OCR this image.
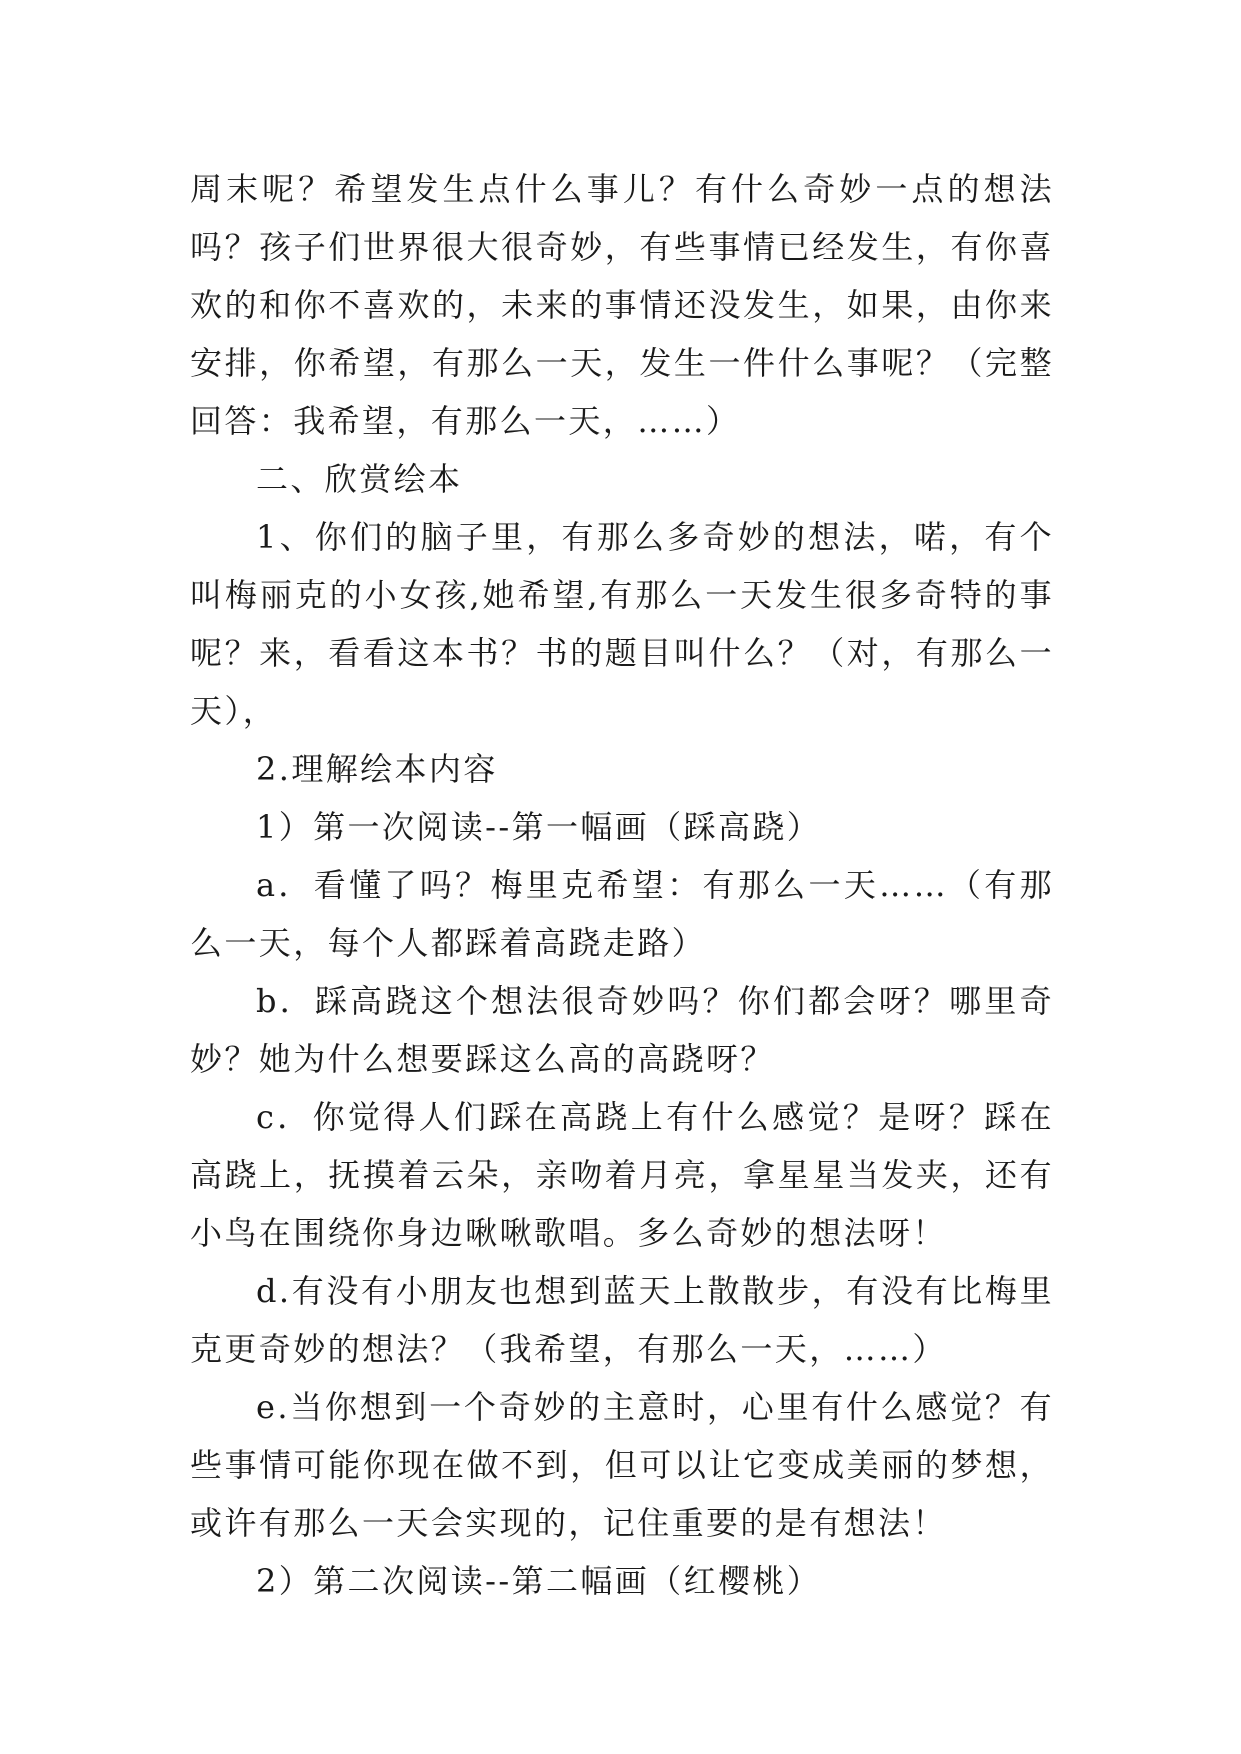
周末呢？希望发生点什么事儿？有什么奇妙一点的想法吗？孩子们世界很大很奇妙，有些事情已经发生，有你喜欢的和你不喜欢的，未来的事情还没发生，如果，由你来安排，你希望，有那么一天，发生一件什么事呢？（完整回答：我希望，有那么一天，……）

二、欣赏绘本

1、你们的脑子里，有那么多奇妙的想法，喏，有个叫梅丽克的小女孩,她希望,有那么一天发生很多奇特的事呢？来，看看这本书？书的题目叫什么？（对，有那么一天），

2.理解绘本内容

1）第一次阅读--第一幅画（踩高跷）

a．看懂了吗？梅里克希望：有那么一天……（有那么一天，每个人都踩着高跷走路）

b．踩高跷这个想法很奇妙吗？你们都会呀？哪里奇妙？她为什么想要踩这么高的高跷呀？

c．你觉得人们踩在高跷上有什么感觉？是呀？踩在高跷上，抚摸着云朵，亲吻着月亮，拿星星当发夹，还有小鸟在围绕你身边啾啾歌唱。多么奇妙的想法呀！

d.有没有小朋友也想到蓝天上散散步，有没有比梅里克更奇妙的想法？（我希望，有那么一天，……）

e.当你想到一个奇妙的主意时，心里有什么感觉？有些事情可能你现在做不到，但可以让它变成美丽的梦想，或许有那么一天会实现的，记住重要的是有想法！

2）第二次阅读--第二幅画（红樱桃）
